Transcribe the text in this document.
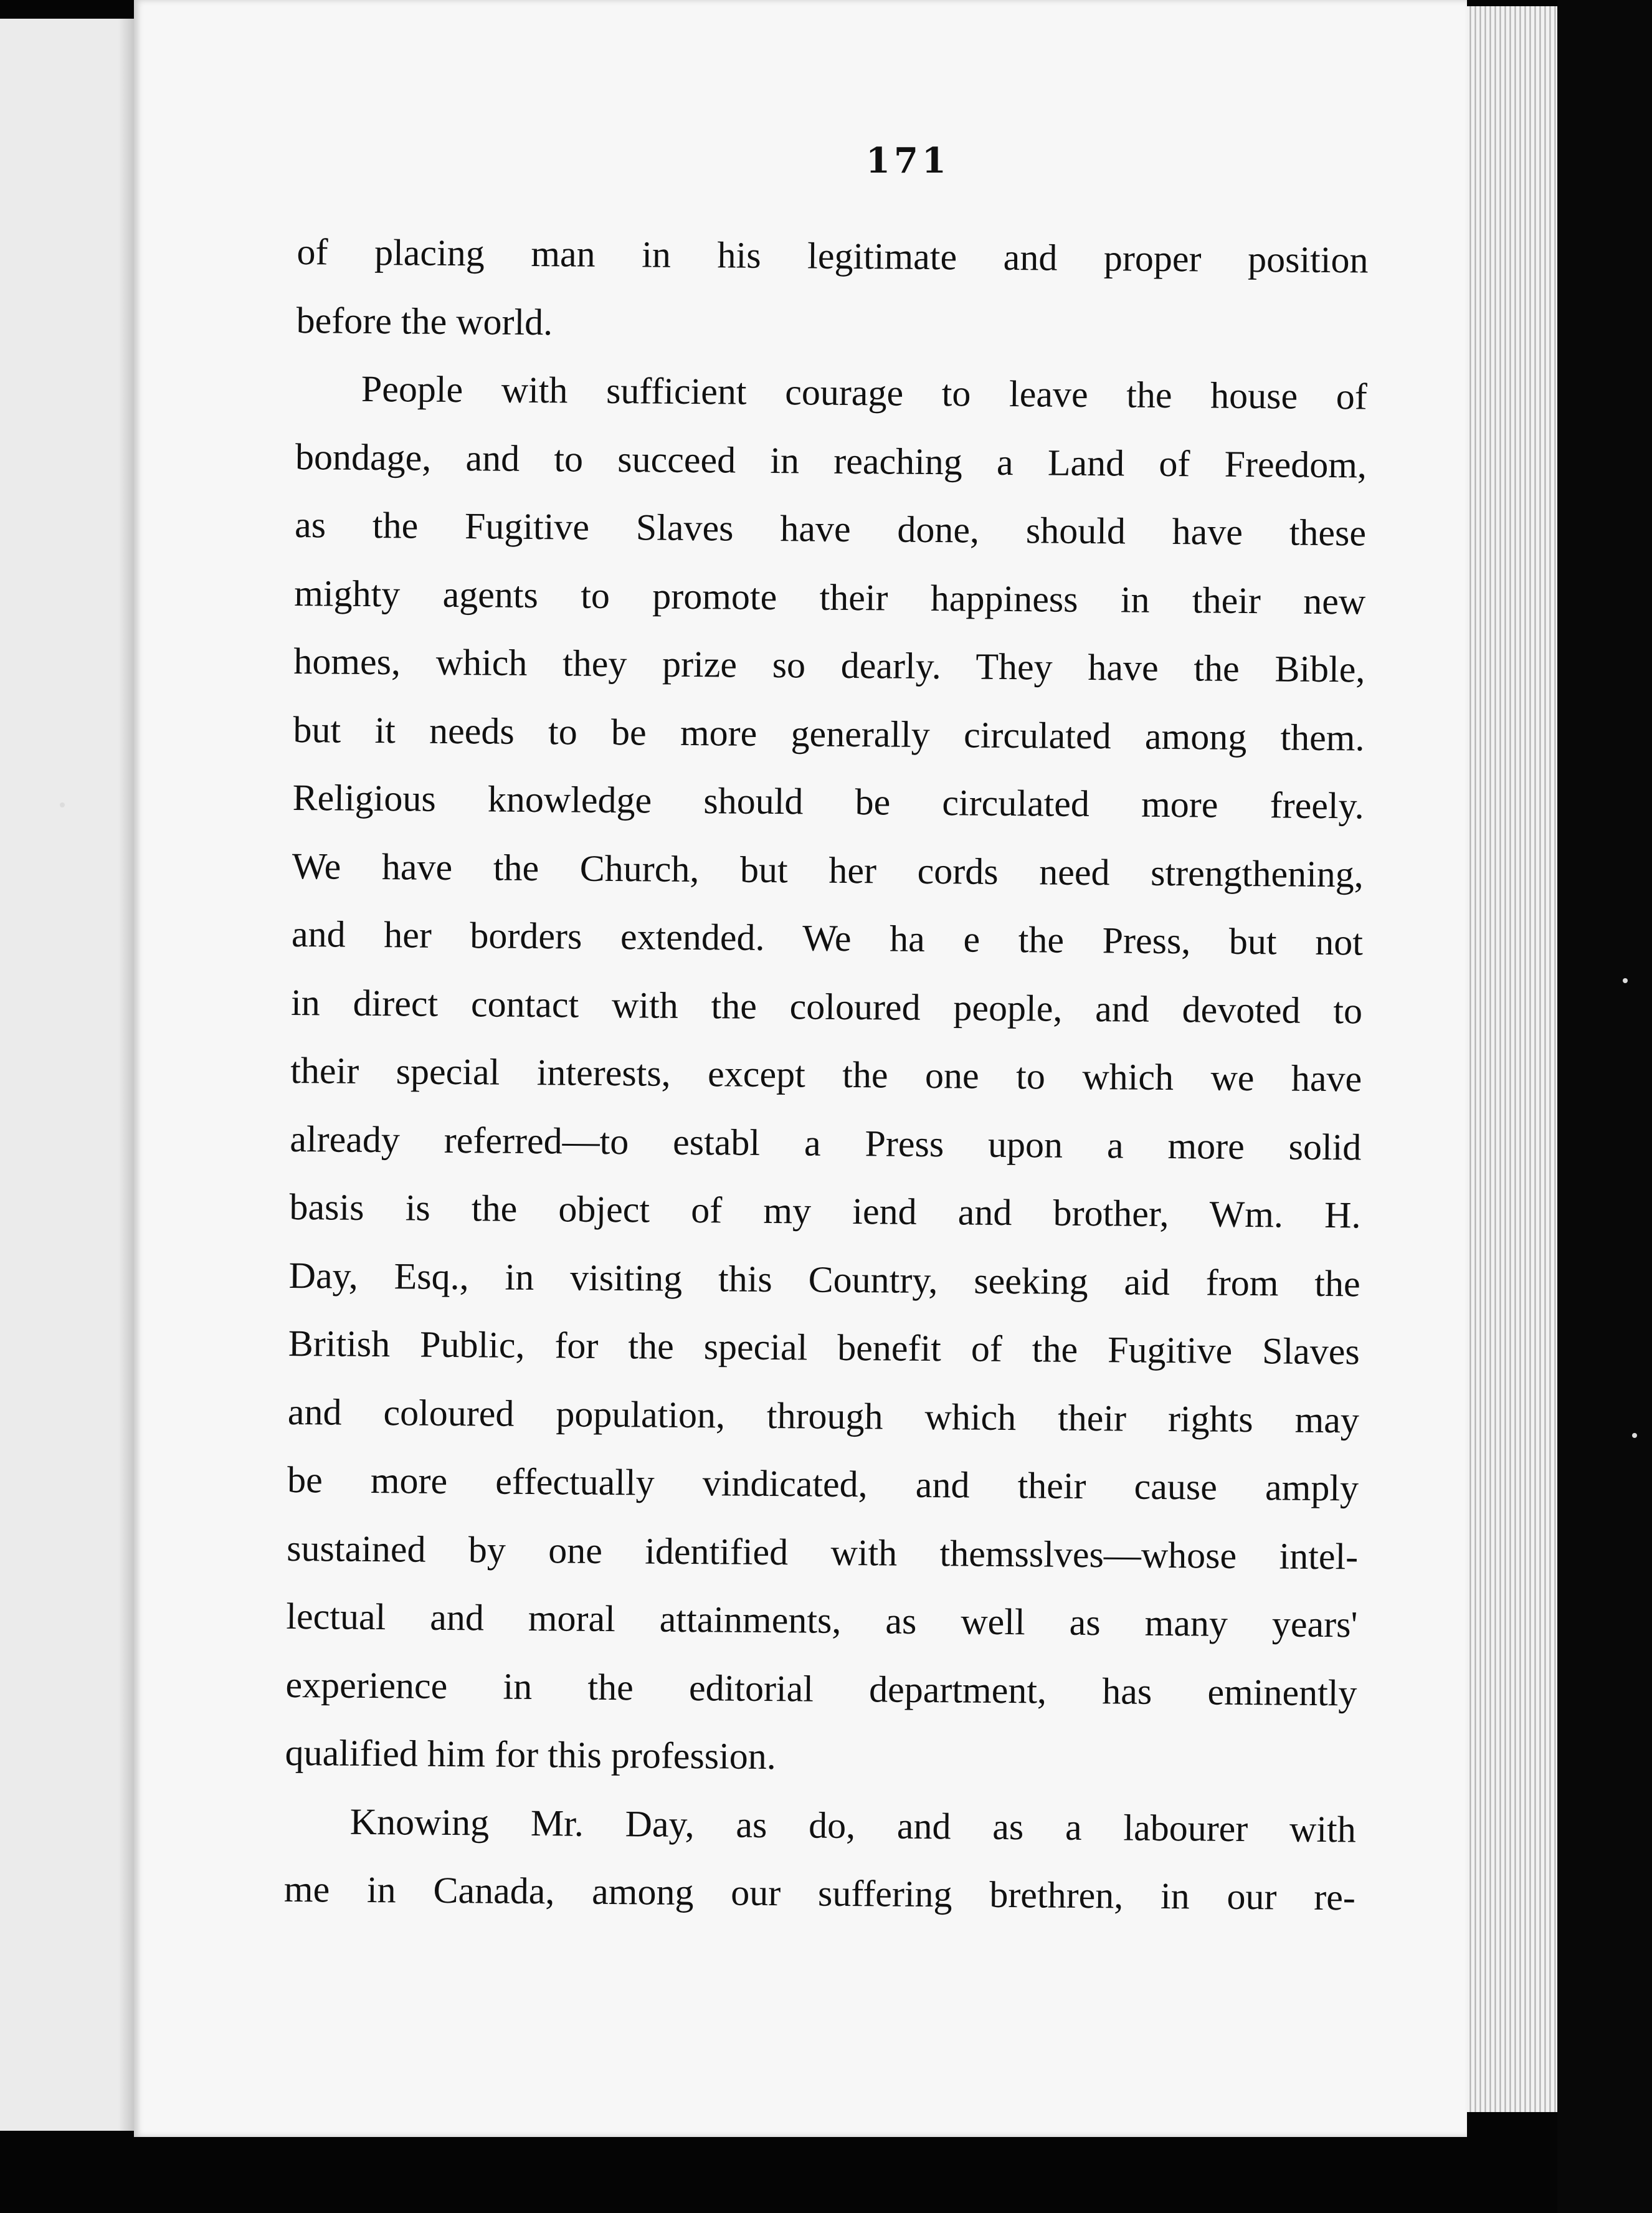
171
of placing man in his legitimate and proper position
before the world.
People with sufficient courage to leave the house of
bondage, and to succeed in reaching a Land of Freedom,
as the Fugitive Slaves have done, should have these
mighty agents to promote their happiness in their new
homes, which they prize so dearly. They have the Bible,
but it needs to be more generally circulated among them.
Religious knowledge should be circulated more freely.
We have the Church, but her cords need strengthening,
and her borders extended. We ha e the Press, but not
in direct contact with the coloured people, and devoted to
their special interests, except the one to which we have
already referred—to establ a Press upon a more solid
basis is the object of my iend and brother, Wm. H.
Day, Esq., in visiting this Country, seeking aid from the
British Public, for the special benefit of the Fugitive Slaves
and coloured population, through which their rights may
be more effectually vindicated, and their cause amply
sustained by one identified with themsslves—whose intel-
lectual and moral attainments, as well as many years'
experience in the editorial department, has eminently
qualified him for this profession.
Knowing Mr. Day, as do, and as a labourer with
me in Canada, among our suffering brethren, in our re-
